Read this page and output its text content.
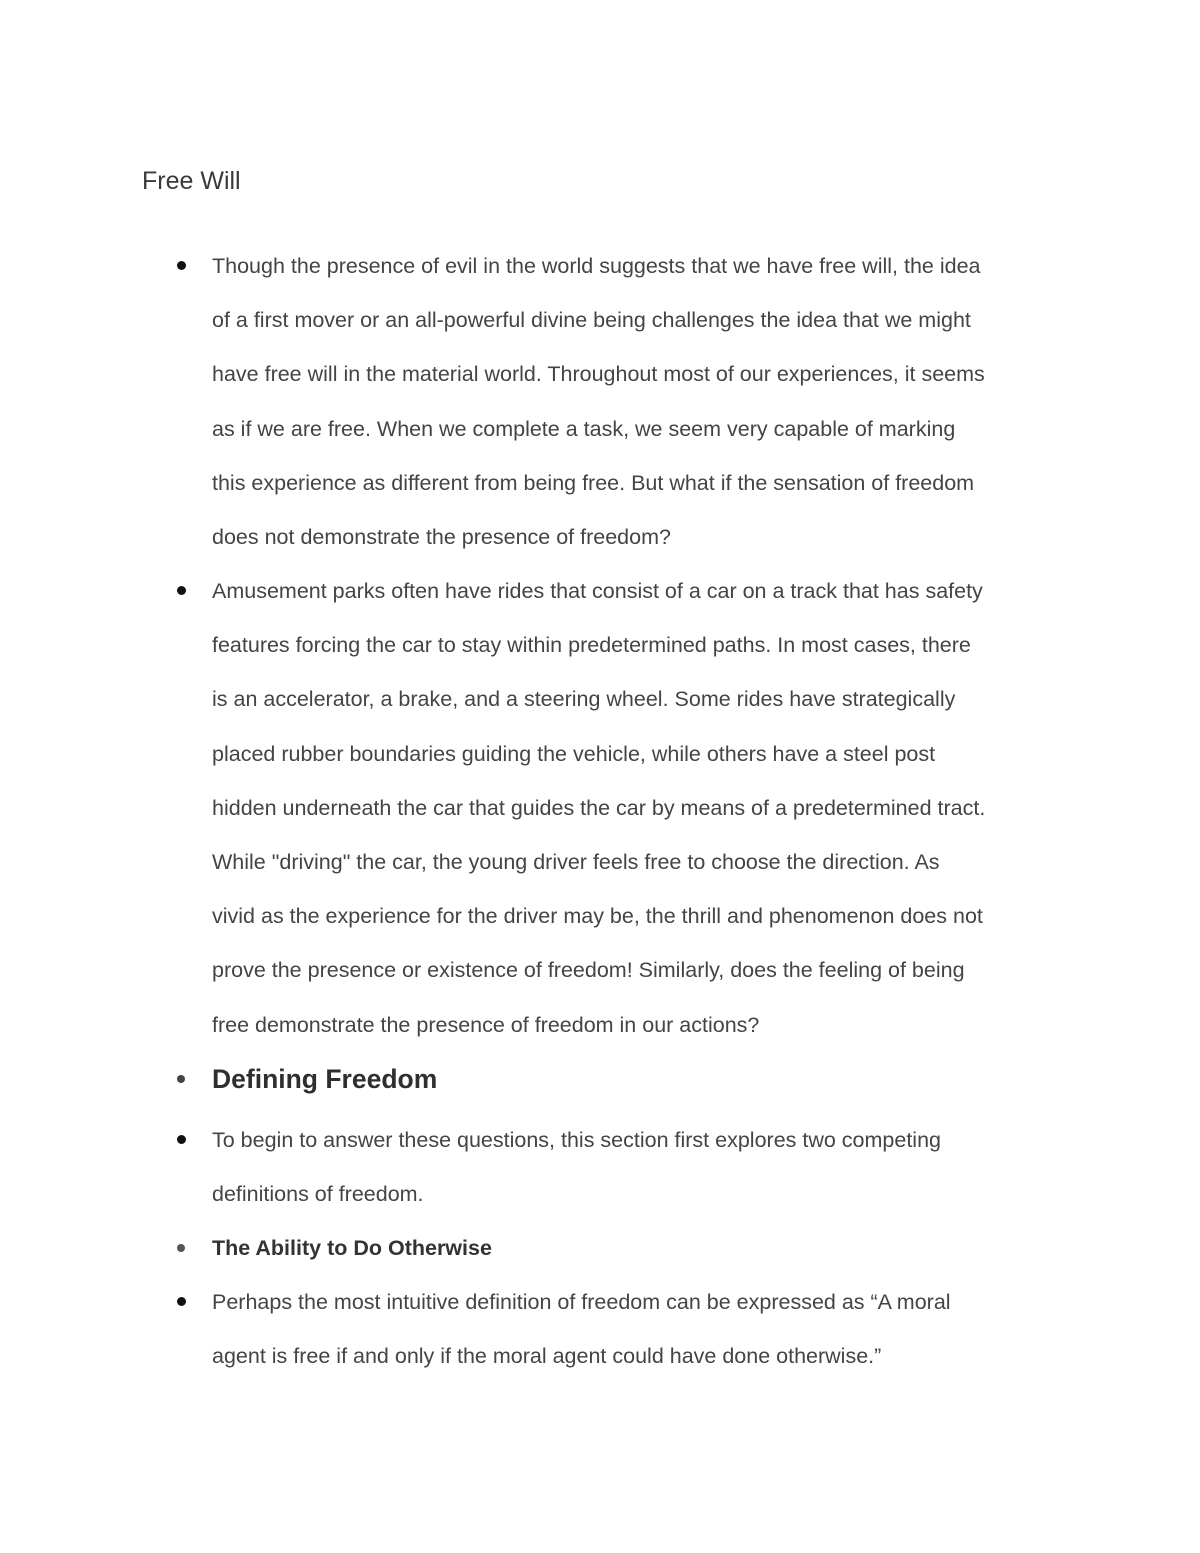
Free Will
Though the presence of evil in the world suggests that we have free will, the idea
of a first mover or an all-powerful divine being challenges the idea that we might
have free will in the material world. Throughout most of our experiences, it seems
as if we are free. When we complete a task, we seem very capable of marking
this experience as different from being free. But what if the sensation of freedom
does not demonstrate the presence of freedom?
Amusement parks often have rides that consist of a car on a track that has safety
features forcing the car to stay within predetermined paths. In most cases, there
is an accelerator, a brake, and a steering wheel. Some rides have strategically
placed rubber boundaries guiding the vehicle, while others have a steel post
hidden underneath the car that guides the car by means of a predetermined tract.
While "driving" the car, the young driver feels free to choose the direction. As
vivid as the experience for the driver may be, the thrill and phenomenon does not
prove the presence or existence of freedom! Similarly, does the feeling of being
free demonstrate the presence of freedom in our actions?
Defining Freedom
To begin to answer these questions, this section first explores two competing
definitions of freedom.
The Ability to Do Otherwise
Perhaps the most intuitive definition of freedom can be expressed as “A moral
agent is free if and only if the moral agent could have done otherwise.”
